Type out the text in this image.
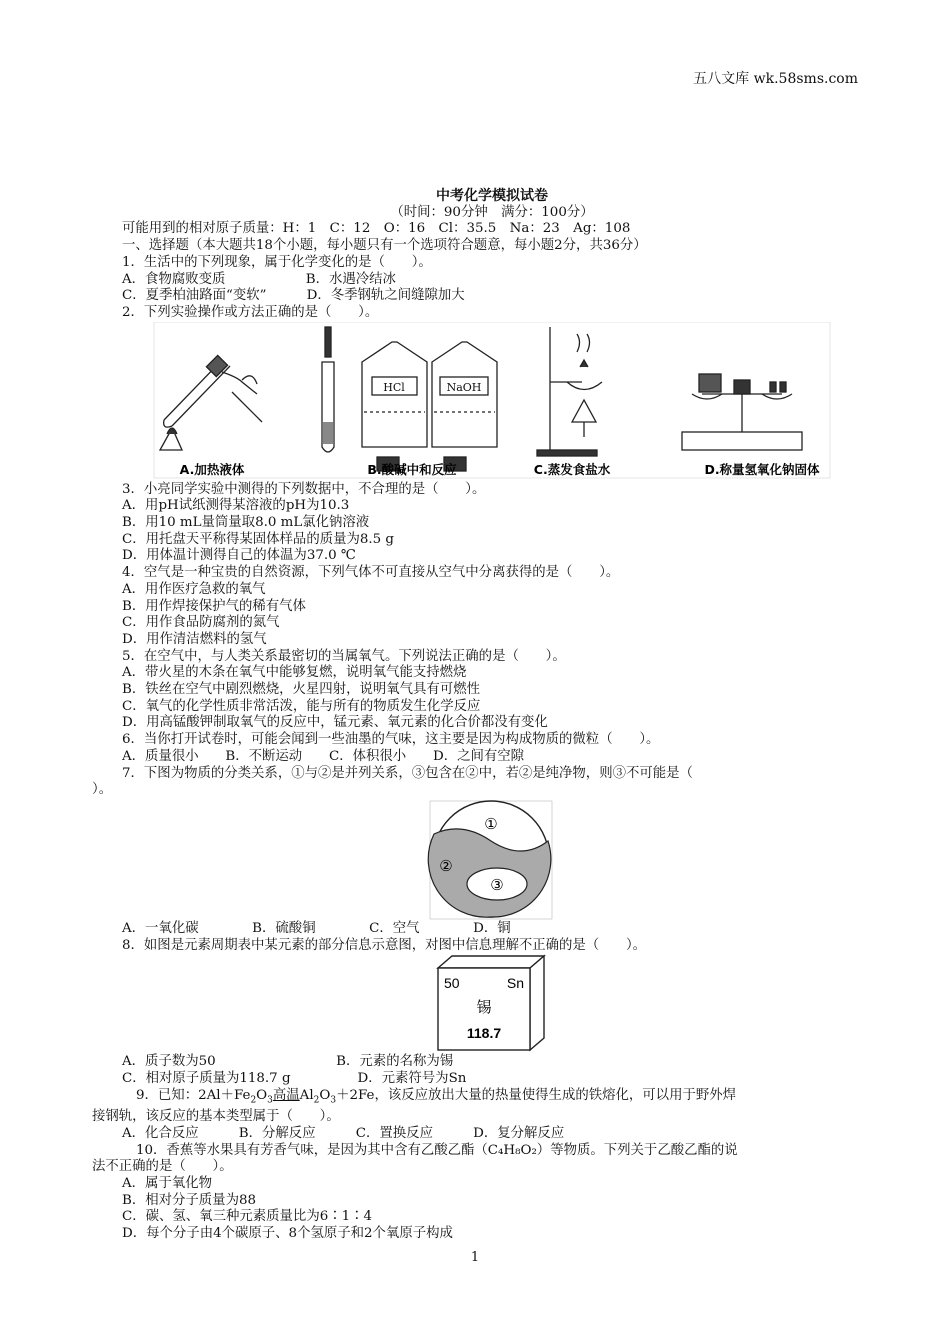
五八文库 wk.58sms.com
中考化学模拟试卷
（时间：90分钟　满分：100分）
可能用到的相对原子质量：H：1　C：12　O：16　Cl：35.5　Na：23　Ag：108
一、选择题（本大题共18个小题，每小题只有一个选项符合题意，每小题2分，共36分）
1．生活中的下列现象，属于化学变化的是（　　）。
A．食物腐败变质　　　　　　B．水遇冷结冰
C．夏季柏油路面“变软”　　　D．冬季钢轨之间缝隙加大
2．下列实验操作或方法正确的是（　　）。
HCl	NaOH
A.加热液体	B.酸碱中和反应	C.蒸发食盐水	D.称量氢氧化钠固体
3．小亮同学实验中测得的下列数据中，不合理的是（　　）。
A．用pH试纸测得某溶液的pH为10.3
B．用10 mL量筒量取8.0 mL氯化钠溶液
C．用托盘天平称得某固体样品的质量为8.5 g
D．用体温计测得自己的体温为37.0 ℃
4．空气是一种宝贵的自然资源，下列气体不可直接从空气中分离获得的是（　　）。
A．用作医疗急救的氧气
B．用作焊接保护气的稀有气体
C．用作食品防腐剂的氮气
D．用作清洁燃料的氢气
5．在空气中，与人类关系最密切的当属氧气。下列说法正确的是（　　）。
A．带火星的木条在氧气中能够复燃，说明氧气能支持燃烧
B．铁丝在空气中剧烈燃烧，火星四射，说明氧气具有可燃性
C．氧气的化学性质非常活泼，能与所有的物质发生化学反应
D．用高锰酸钾制取氧气的反应中，锰元素、氧元素的化合价都没有变化
6．当你打开试卷时，可能会闻到一些油墨的气味，这主要是因为构成物质的微粒（　　）。
A．质量很小　　B．不断运动　　C．体积很小　　D．之间有空隙
7．下图为物质的分类关系，①与②是并列关系，③包含在②中，若②是纯净物，则③不可能是（
）。
①
②
③
A．一氧化碳　　　　B．硫酸铜　　　　C．空气　　　　D．铜
8．如图是元素周期表中某元素的部分信息示意图，对图中信息理解不正确的是（　　）。
50	Sn
锡
118.7
A．质子数为50　　　　　　　　　B．元素的名称为锡
C．相对原子质量为118.7 g　　　　　D．元素符号为Sn
9．已知：$2Al+Fe_2O_3$高温$Al_2O_3+2Fe$，该反应放出大量的热量使得生成的铁熔化，可以用于野外焊
接钢轨，该反应的基本类型属于（　　）。
A．化合反应　　　B．分解反应　　　C．置换反应　　　D．复分解反应
10．香蕉等水果具有芳香气味，是因为其中含有乙酸乙酯（C₄H₈O₂）等物质。下列关于乙酸乙酯的说
法不正确的是（　　）。
A．属于氧化物
B．相对分子质量为88
C．碳、氢、氧三种元素质量比为6∶1∶4
D．每个分子由4个碳原子、8个氢原子和2个氧原子构成
1
